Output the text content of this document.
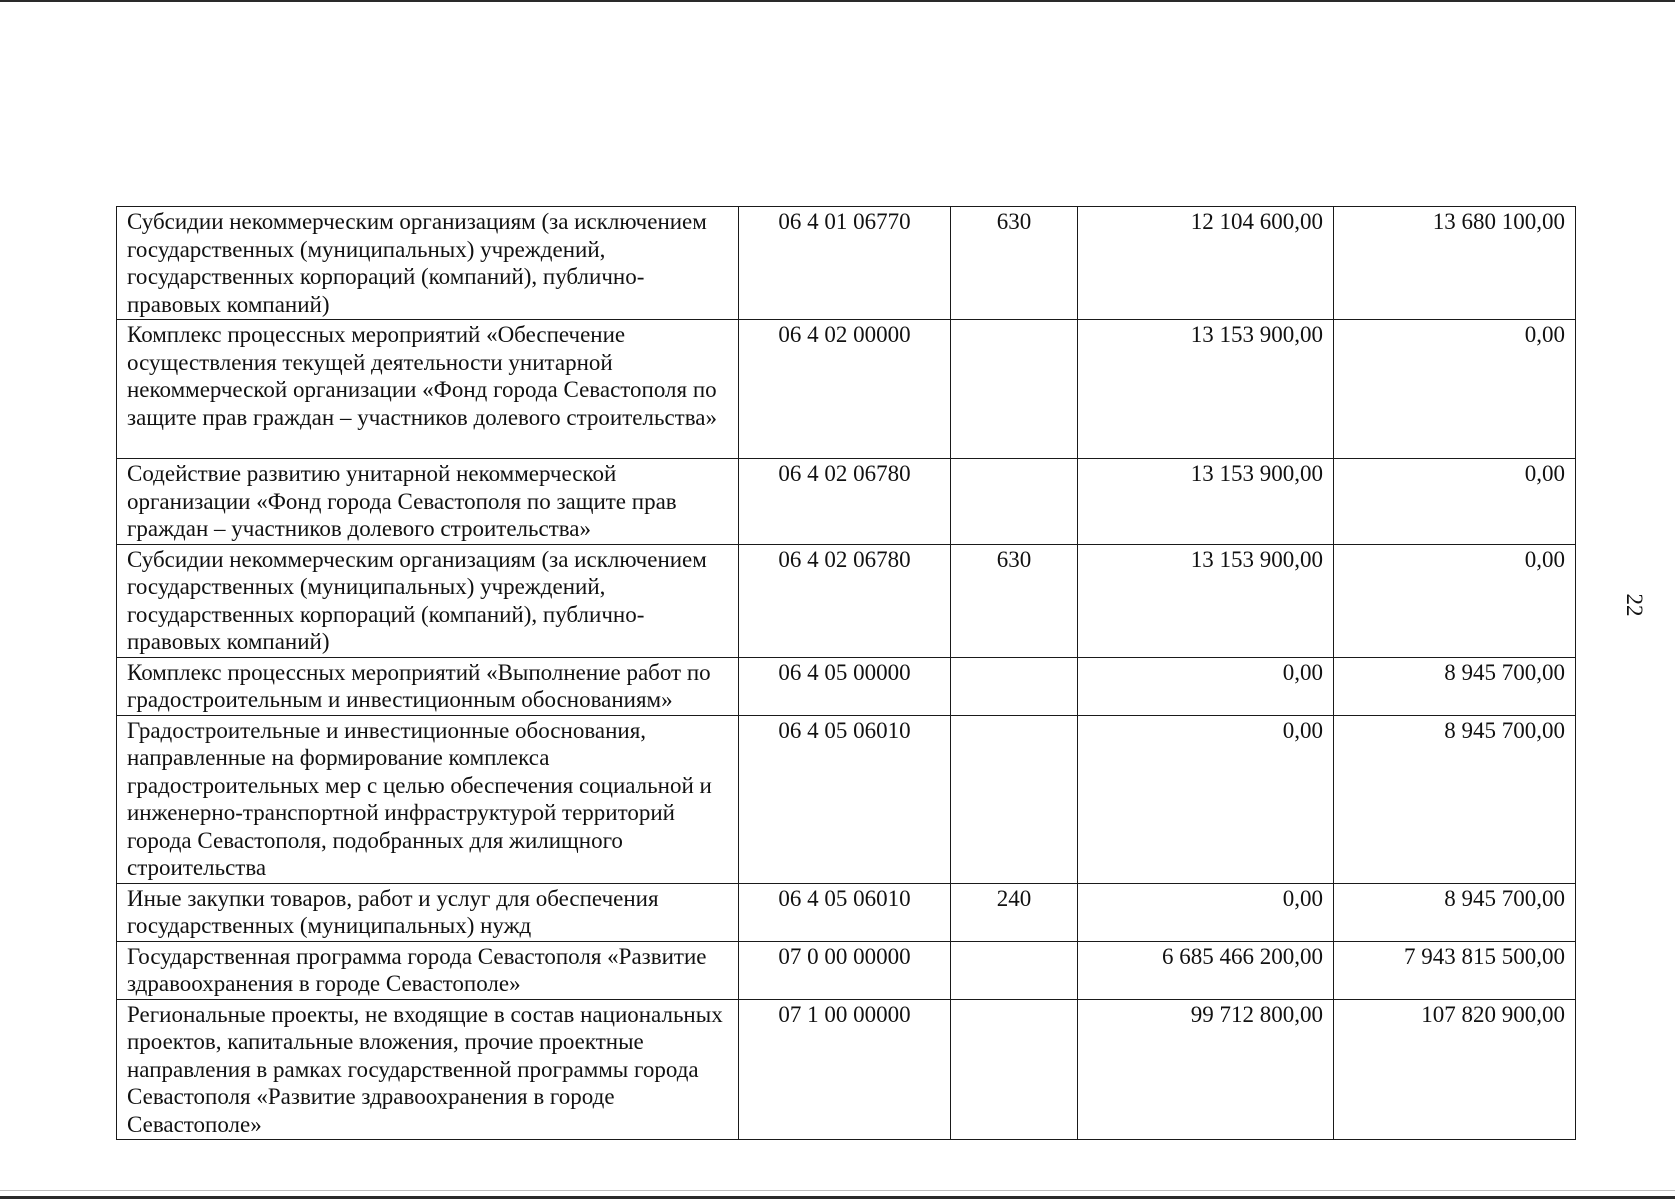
22
Субсидии некоммерческим организациям (за исключением государственных (муниципальных) учреждений, государственных корпораций (компаний), публично-правовых компаний)	06 4 01 06770	630	12 104 600,00	13 680 100,00
Комплекс процессных мероприятий «Обеспечение осуществления текущей деятельности унитарной некоммерческой организации «Фонд города Севастополя по защите прав граждан – участников долевого строительства»	06 4 02 00000		13 153 900,00	0,00
Содействие развитию унитарной некоммерческой организации «Фонд города Севастополя по защите прав граждан – участников долевого строительства»	06 4 02 06780		13 153 900,00	0,00
Субсидии некоммерческим организациям (за исключением государственных (муниципальных) учреждений, государственных корпораций (компаний), публично-правовых компаний)	06 4 02 06780	630	13 153 900,00	0,00
Комплекс процессных мероприятий «Выполнение работ по градостроительным и инвестиционным обоснованиям»	06 4 05 00000		0,00	8 945 700,00
Градостроительные и инвестиционные обоснования, направленные на формирование комплекса градостроительных мер с целью обеспечения социальной и инженерно-транспортной инфраструктурой территорий города Севастополя, подобранных для жилищного строительства	06 4 05 06010		0,00	8 945 700,00
Иные закупки товаров, работ и услуг для обеспечения государственных (муниципальных) нужд	06 4 05 06010	240	0,00	8 945 700,00
Государственная программа города Севастополя «Развитие здравоохранения в городе Севастополе»	07 0 00 00000		6 685 466 200,00	7 943 815 500,00
Региональные проекты, не входящие в состав национальных проектов, капитальные вложения, прочие проектные направления в рамках государственной программы города Севастополя «Развитие здравоохранения в городе Севастополе»	07 1 00 00000		99 712 800,00	107 820 900,00
